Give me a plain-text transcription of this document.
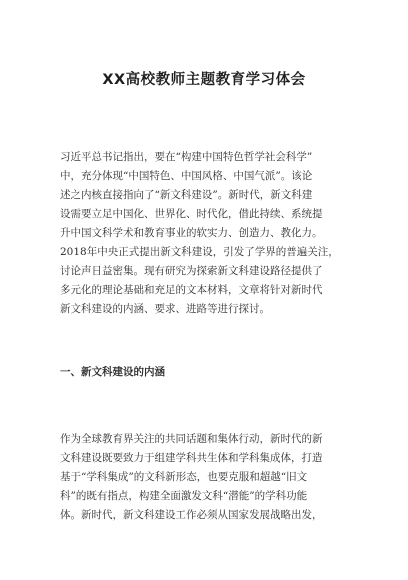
XX高校教师主题教育学习体会
习近平总书记指出，要在“构建中国特色哲学社会科学”
中，充分体现“中国特色、中国风格、中国气派”。该论
述之内核直接指向了“新文科建设”。新时代，新文科建
设需要立足中国化、世界化、时代化，借此持续、系统提
升中国文科学术和教育事业的软实力、创造力、教化力。
2018年中央正式提出新文科建设，引发了学界的普遍关注，
讨论声日益密集。现有研究为探索新文科建设路径提供了
多元化的理论基础和充足的文本材料，文章将针对新时代
新文科建设的内涵、要求、进路等进行探讨。
一、新文科建设的内涵
作为全球教育界关注的共同话题和集体行动，新时代的新
文科建设既要致力于组建学科共生体和学科集成体，打造
基于“学科集成”的文科新形态，也要克服和超越“旧文
科”的既有指点，构建全面激发文科“潜能”的学科功能
体。新时代，新文科建设工作必须从国家发展战略出发，
